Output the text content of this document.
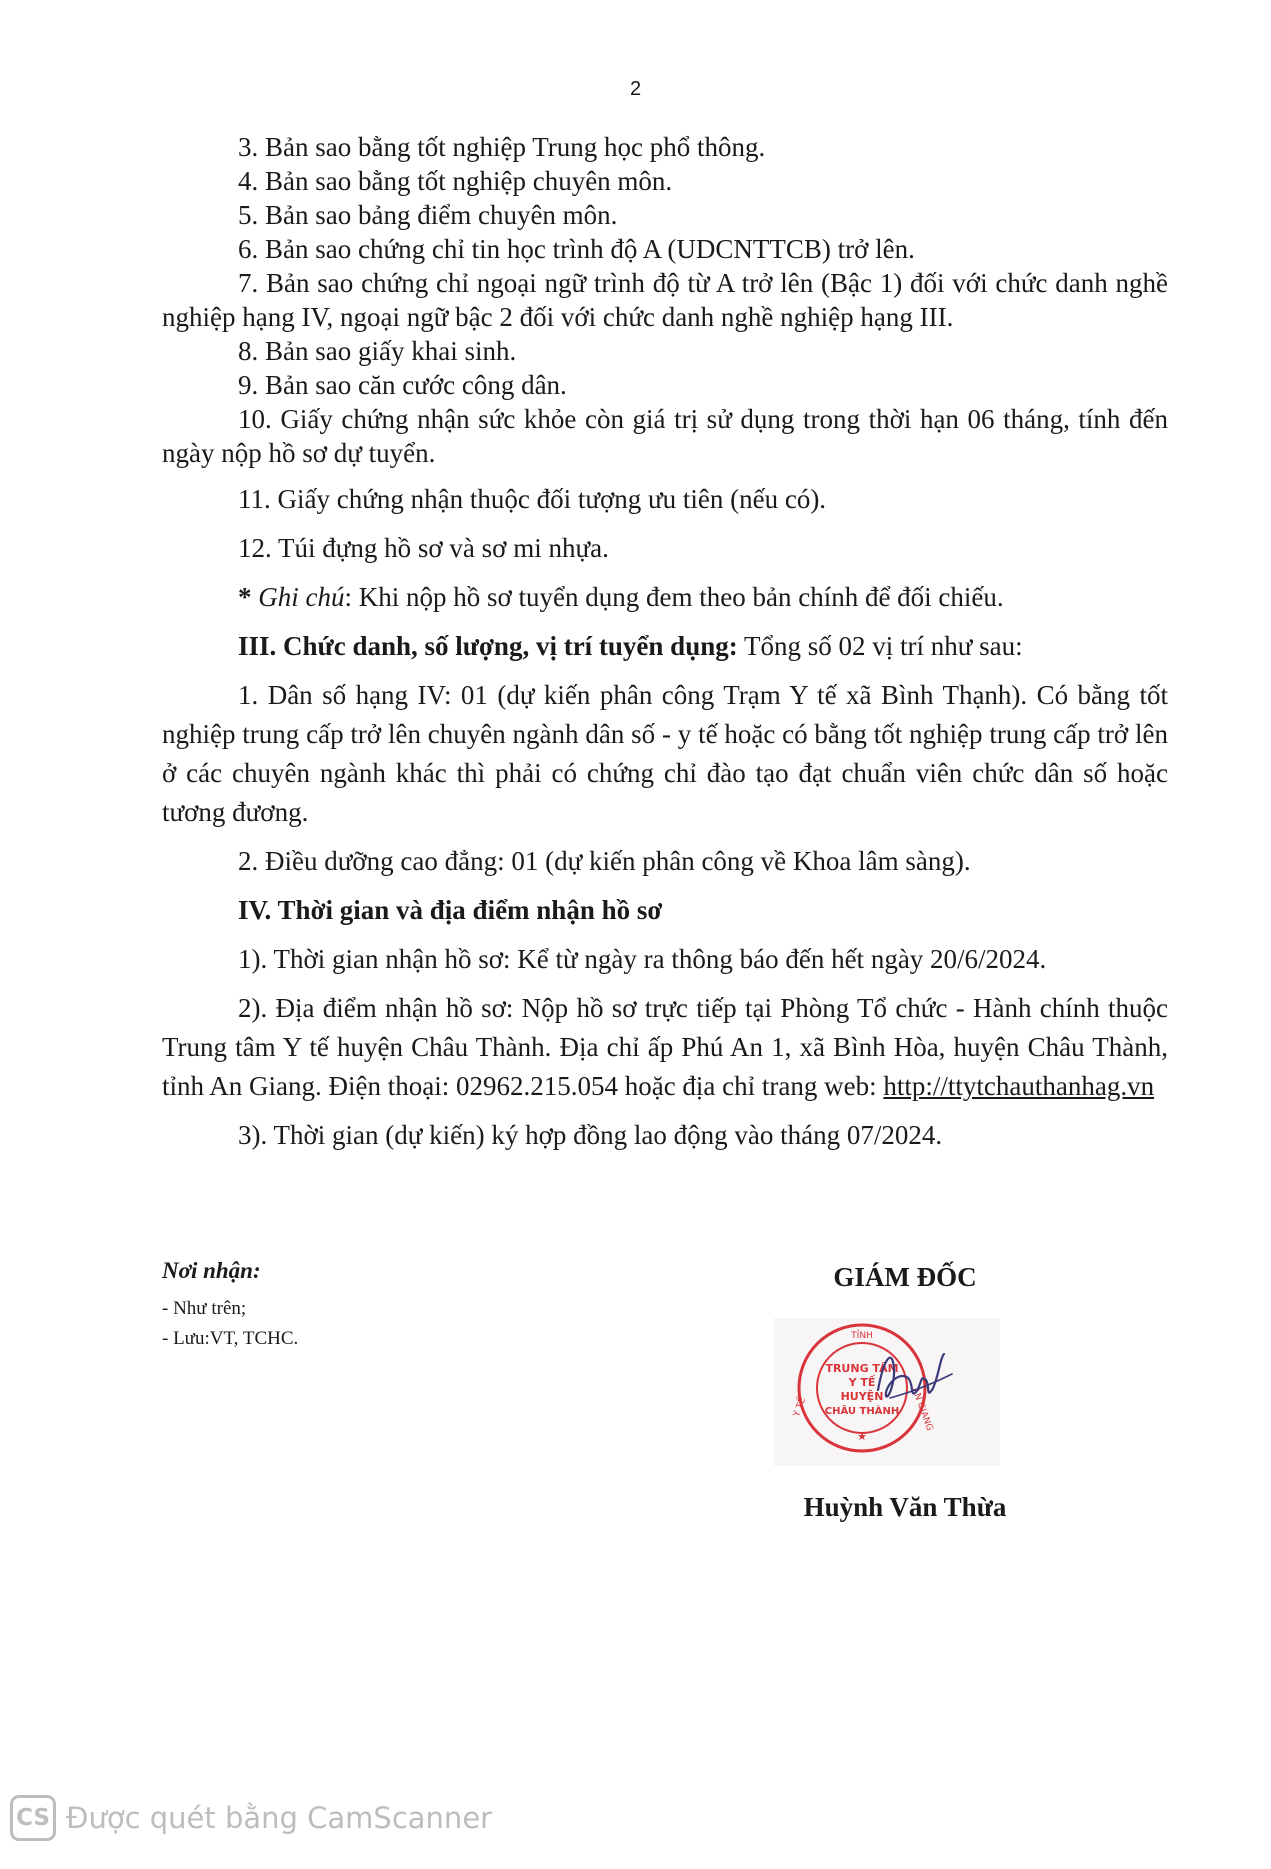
2

3. Bản sao bằng tốt nghiệp Trung học phổ thông.

4. Bản sao bằng tốt nghiệp chuyên môn.

5. Bản sao bảng điểm chuyên môn.

6. Bản sao chứng chỉ tin học trình độ A (UDCNTTCB) trở lên.

7. Bản sao chứng chỉ ngoại ngữ trình độ từ A trở lên (Bậc 1) đối với chức danh nghề nghiệp hạng IV, ngoại ngữ bậc 2 đối với chức danh nghề nghiệp hạng III.

8. Bản sao giấy khai sinh.

9. Bản sao căn cước công dân.

10. Giấy chứng nhận sức khỏe còn giá trị sử dụng trong thời hạn 06 tháng, tính đến ngày nộp hồ sơ dự tuyển.

11. Giấy chứng nhận thuộc đối tượng ưu tiên (nếu có).

12. Túi đựng hồ sơ và sơ mi nhựa.

* Ghi chú: Khi nộp hồ sơ tuyển dụng đem theo bản chính để đối chiếu.

III. Chức danh, số lượng, vị trí tuyển dụng: Tổng số 02 vị trí như sau:

1. Dân số hạng IV: 01 (dự kiến phân công Trạm Y tế xã Bình Thạnh). Có bằng tốt nghiệp trung cấp trở lên chuyên ngành dân số - y tế hoặc có bằng tốt nghiệp trung cấp trở lên ở các chuyên ngành khác thì phải có chứng chỉ đào tạo đạt chuẩn viên chức dân số hoặc tương đương.

2. Điều dưỡng cao đẳng: 01 (dự kiến phân công về Khoa lâm sàng).

IV. Thời gian và địa điểm nhận hồ sơ

1). Thời gian nhận hồ sơ: Kể từ ngày ra thông báo đến hết ngày 20/6/2024.

2). Địa điểm nhận hồ sơ: Nộp hồ sơ trực tiếp tại Phòng Tổ chức - Hành chính thuộc Trung tâm Y tế huyện Châu Thành. Địa chỉ ấp Phú An 1, xã Bình Hòa, huyện Châu Thành, tỉnh An Giang. Điện thoại: 02962.215.054 hoặc địa chỉ trang web: http://ttytchauthanhag.vn

3). Thời gian (dự kiến) ký hợp đồng lao động vào tháng 07/2024.

Nơi nhận:

- Như trên;

- Lưu:VT, TCHC.

GIÁM ĐỐC
TỈNH
Y TẾ	AN GIANG
★
TRUNG TÂM
Y TẾ
HUYỆN
CHÂU THÀNH
Huỳnh Văn Thừa
CS Được quét bằng CamScanner
